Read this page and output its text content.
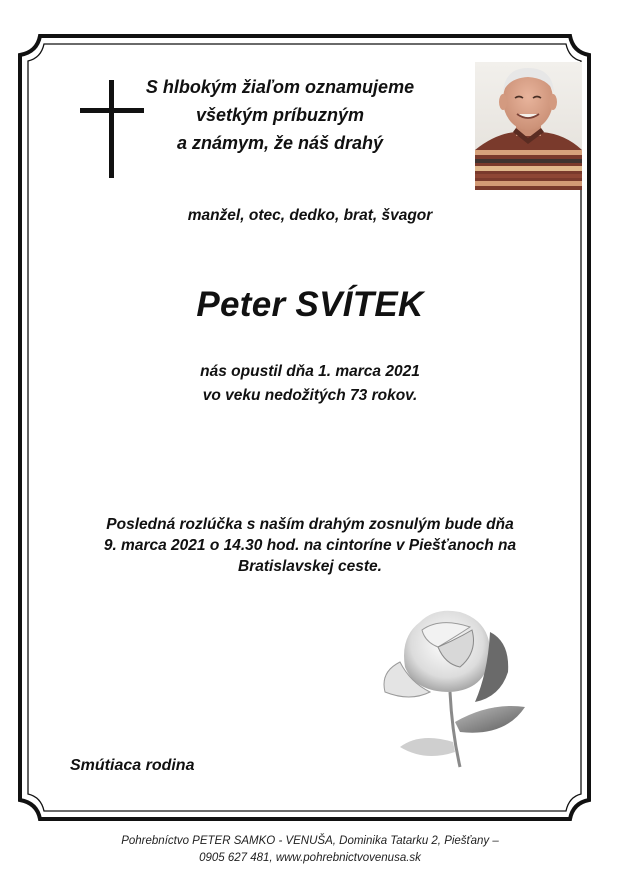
S hlbokým žiaľom oznamujeme
všetkým príbuzným
a známym, že náš drahý
manžel, otec, dedko, brat, švagor
Peter SVÍTEK
nás opustil dňa 1. marca 2021
vo veku nedožitých 73 rokov.
Posledná rozlúčka s naším drahým zosnulým bude dňa
9. marca 2021 o 14.30 hod. na cintoríne v Piešťanoch na
Bratislavskej ceste.
Smútiaca rodina
Pohrebníctvo PETER SAMKO - VENUŠA, Dominika Tatarku 2, Piešťany –
0905 627 481, www.pohrebnictvovenusa.sk
